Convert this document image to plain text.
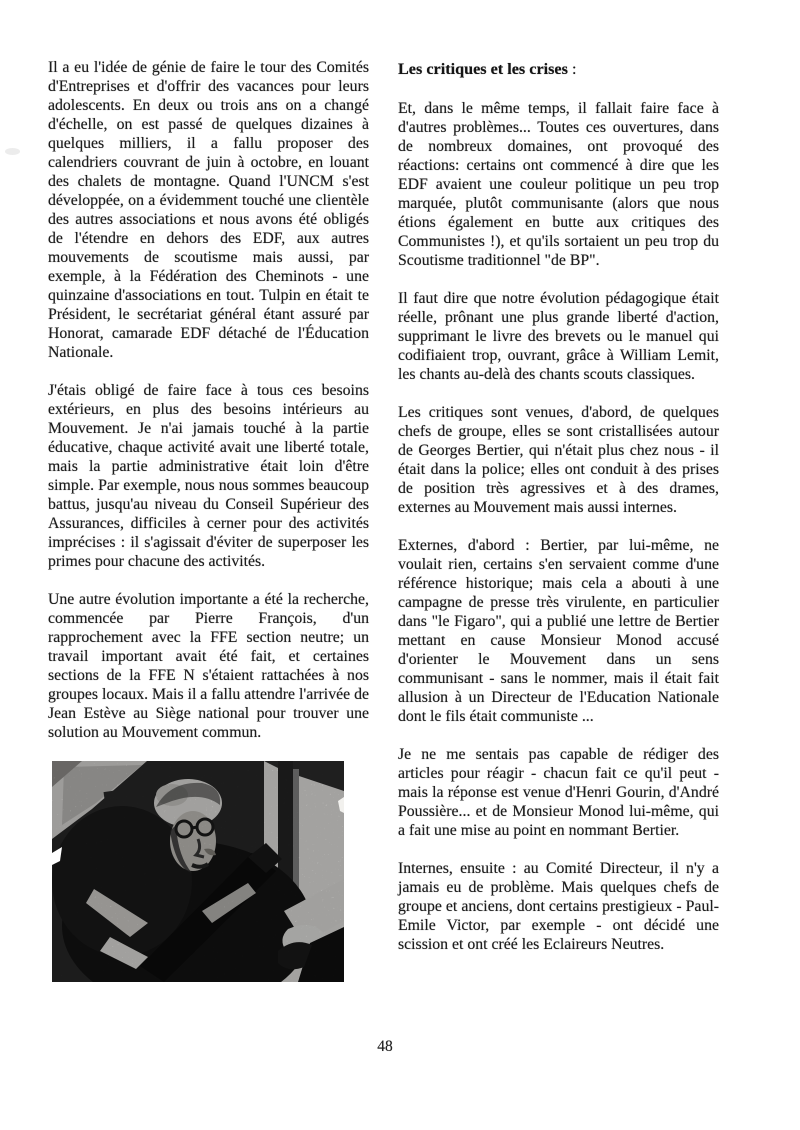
Il a eu l'idée de génie de faire le tour des Comités d'Entreprises et d'offrir des vacances pour leurs adolescents. En deux ou trois ans on a changé d'échelle, on est passé de quelques dizaines à quelques milliers, il a fallu proposer des calendriers couvrant de juin à octobre, en louant des chalets de montagne. Quand l'UNCM s'est développée, on a évidemment touché une clientèle des autres associations et nous avons été obligés de l'étendre en dehors des EDF, aux autres mouvements de scoutisme mais aussi, par exemple, à la Fédération des Cheminots - une quinzaine d'associations en tout. Tulpin en était te Président, le secrétariat général étant assuré par Honorat, camarade EDF détaché de l'Éducation Nationale.

J'étais obligé de faire face à tous ces besoins extérieurs, en plus des besoins intérieurs au Mouvement. Je n'ai jamais touché à la partie éducative, chaque activité avait une liberté totale, mais la partie administrative était loin d'être simple. Par exemple, nous nous sommes beaucoup battus, jusqu'au niveau du Conseil Supérieur des Assurances, difficiles à cerner pour des activités imprécises : il s'agissait d'éviter de superposer les primes pour chacune des activités.

Une autre évolution importante a été la recherche, commencée par Pierre François, d'un rapprochement avec la FFE section neutre; un travail important avait été fait, et certaines sections de la FFE N s'étaient rattachées à nos groupes locaux. Mais il a fallu attendre l'arrivée de Jean Estève au Siège national pour trouver une solution au Mouvement commun.

Les critiques et les crises :

Et, dans le même temps, il fallait faire face à d'autres problèmes... Toutes ces ouvertures, dans de nombreux domaines, ont provoqué des réactions: certains ont commencé à dire que les EDF avaient une couleur politique un peu trop marquée, plutôt communisante (alors que nous étions également en butte aux critiques des Communistes !), et qu'ils sortaient un peu trop du Scoutisme traditionnel "de BP".

Il faut dire que notre évolution pédagogique était réelle, prônant une plus grande liberté d'action, supprimant le livre des brevets ou le manuel qui codifiaient trop, ouvrant, grâce à William Lemit, les chants au-delà des chants scouts classiques.

Les critiques sont venues, d'abord, de quelques chefs de groupe, elles se sont cristallisées autour de Georges Bertier, qui n'était plus chez nous - il était dans la police; elles ont conduit à des prises de position très agressives et à des drames, externes au Mouvement mais aussi internes.

Externes, d'abord : Bertier, par lui-même, ne voulait rien, certains s'en servaient comme d'une référence historique; mais cela a abouti à une campagne de presse très virulente, en particulier dans "le Figaro", qui a publié une lettre de Bertier mettant en cause Monsieur Monod accusé d'orienter le Mouvement dans un sens communisant - sans le nommer, mais il était fait allusion à un Directeur de l'Education Nationale dont le fils était communiste ...

Je ne me sentais pas capable de rédiger des articles pour réagir - chacun fait ce qu'il peut - mais la réponse est venue d'Henri Gourin, d'André Poussière... et de Monsieur Monod lui-même, qui a fait une mise au point en nommant Bertier.

Internes, ensuite : au Comité Directeur, il n'y a jamais eu de problème. Mais quelques chefs de groupe et anciens, dont certains prestigieux - Paul-Emile Victor, par exemple - ont décidé une scission et ont créé les Eclaireurs Neutres.

48
